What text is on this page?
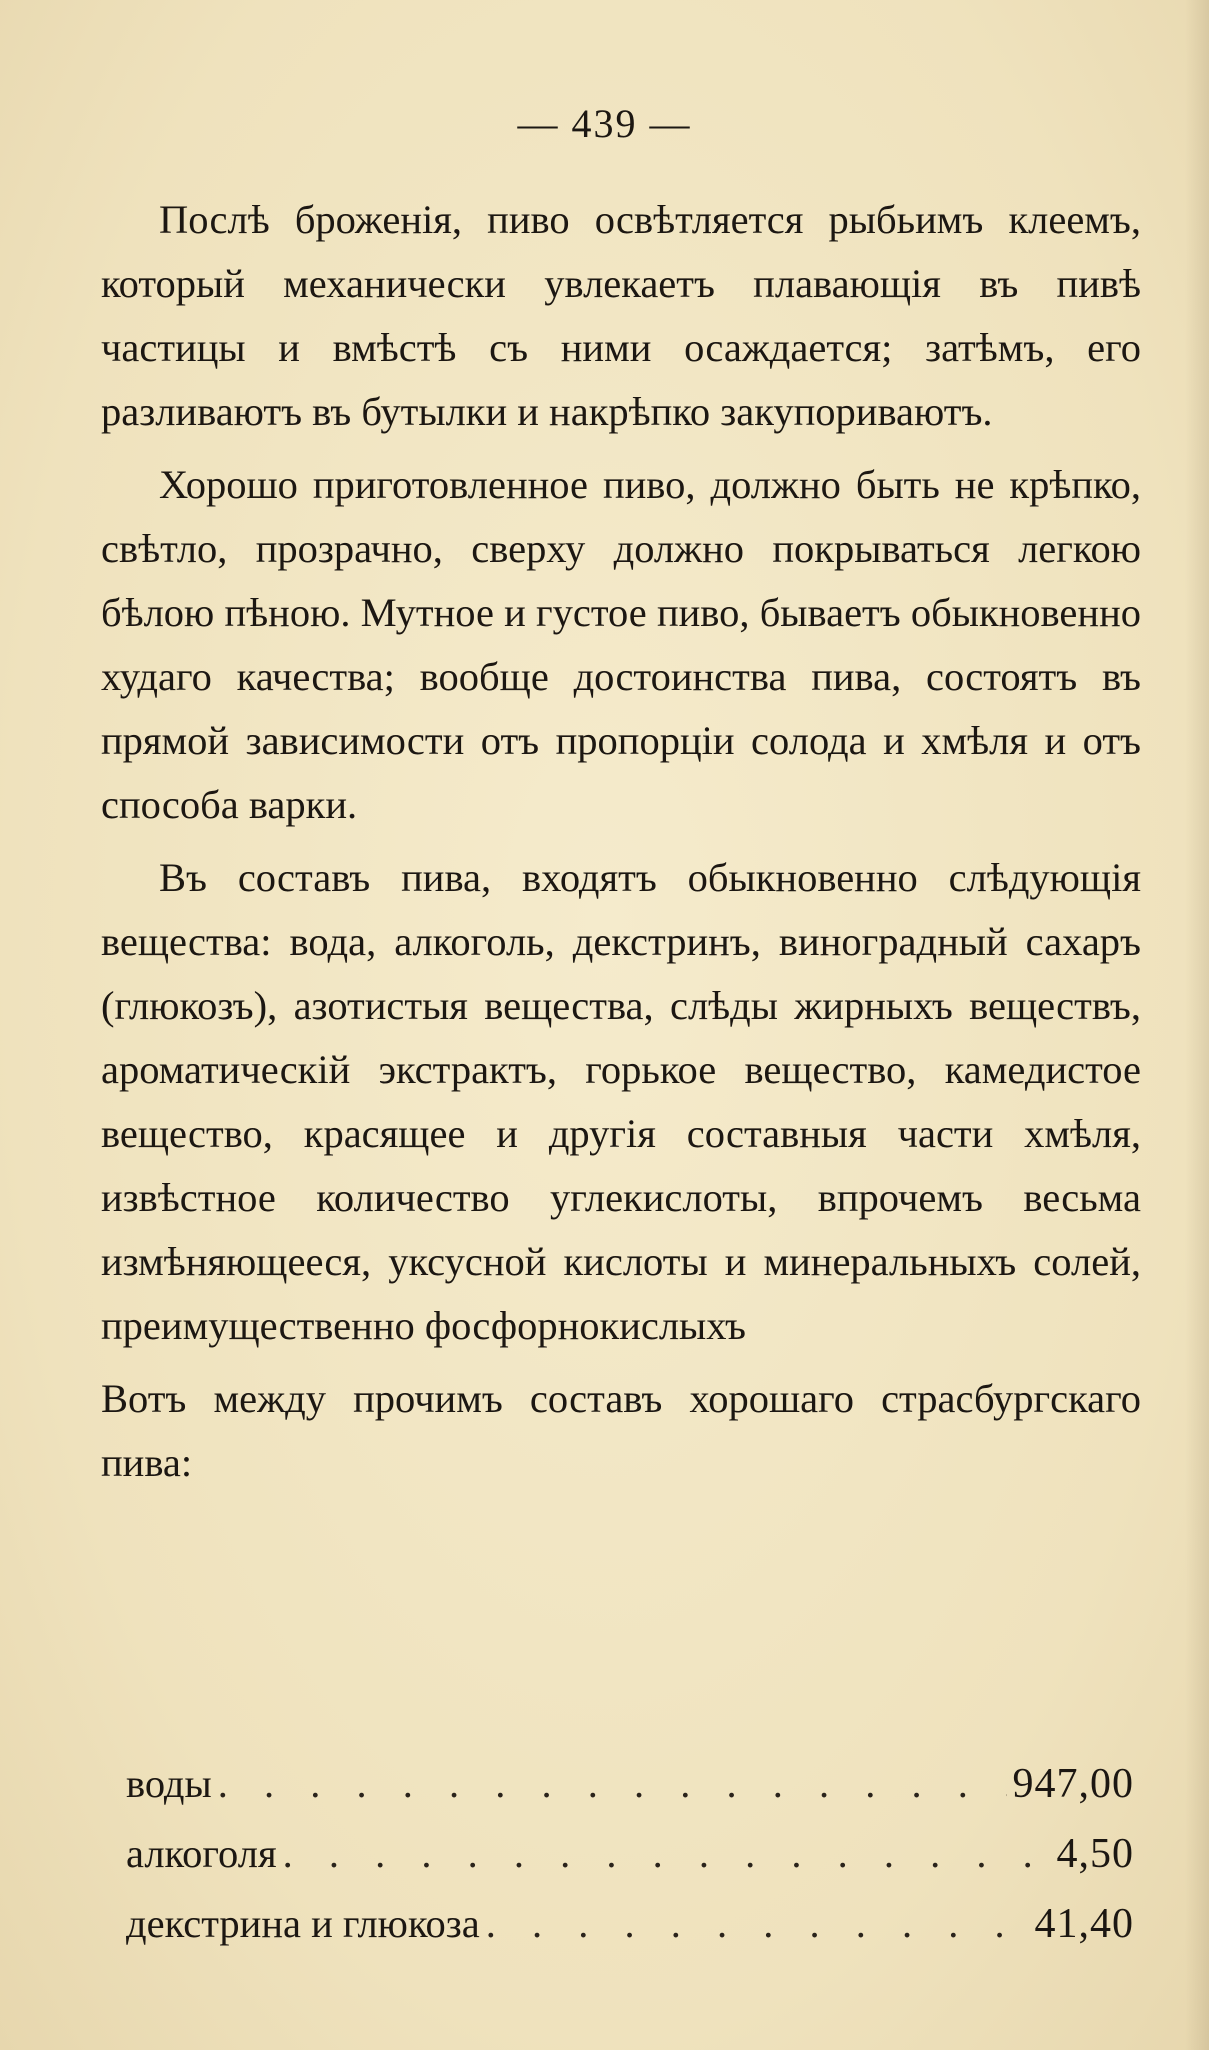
— 439 —

Послѣ броженія, пиво освѣтляется рыбьимъ клеемъ, который механически увлекаетъ плавающія въ пивѣ частицы и вмѣстѣ съ ними осаждается; затѣмъ, его разливаютъ въ бутылки и накрѣпко закупориваютъ.

Хорошо приготовленное пиво, должно быть не крѣпко, свѣтло, прозрачно, сверху должно покрываться легкою бѣлою пѣною. Мутное и густое пиво, бываетъ обыкновенно худаго качества; вообще достоинства пива, состоятъ въ прямой зависимости отъ пропорціи солода и хмѣля и отъ способа варки.

Въ составъ пива, входятъ обыкновенно слѣдующія вещества: вода, алкоголь, декстринъ, виноградный сахаръ (глюкозъ), азотистыя вещества, слѣды жирныхъ веществъ, ароматическій экстрактъ, горькое вещество, камедистое вещество, красящее и другія составныя части хмѣля, извѣстное количество углекислоты, впрочемъ весьма измѣняющееся, уксусной кислоты и минеральныхъ солей, преимущественно фосфорнокислыхъ

Вотъ между прочимъ составъ хорошаго страсбургскаго пива:

воды . . .	947,00
алкоголя . . .	4,50
декстрина и глюкоза . . .	41,40
